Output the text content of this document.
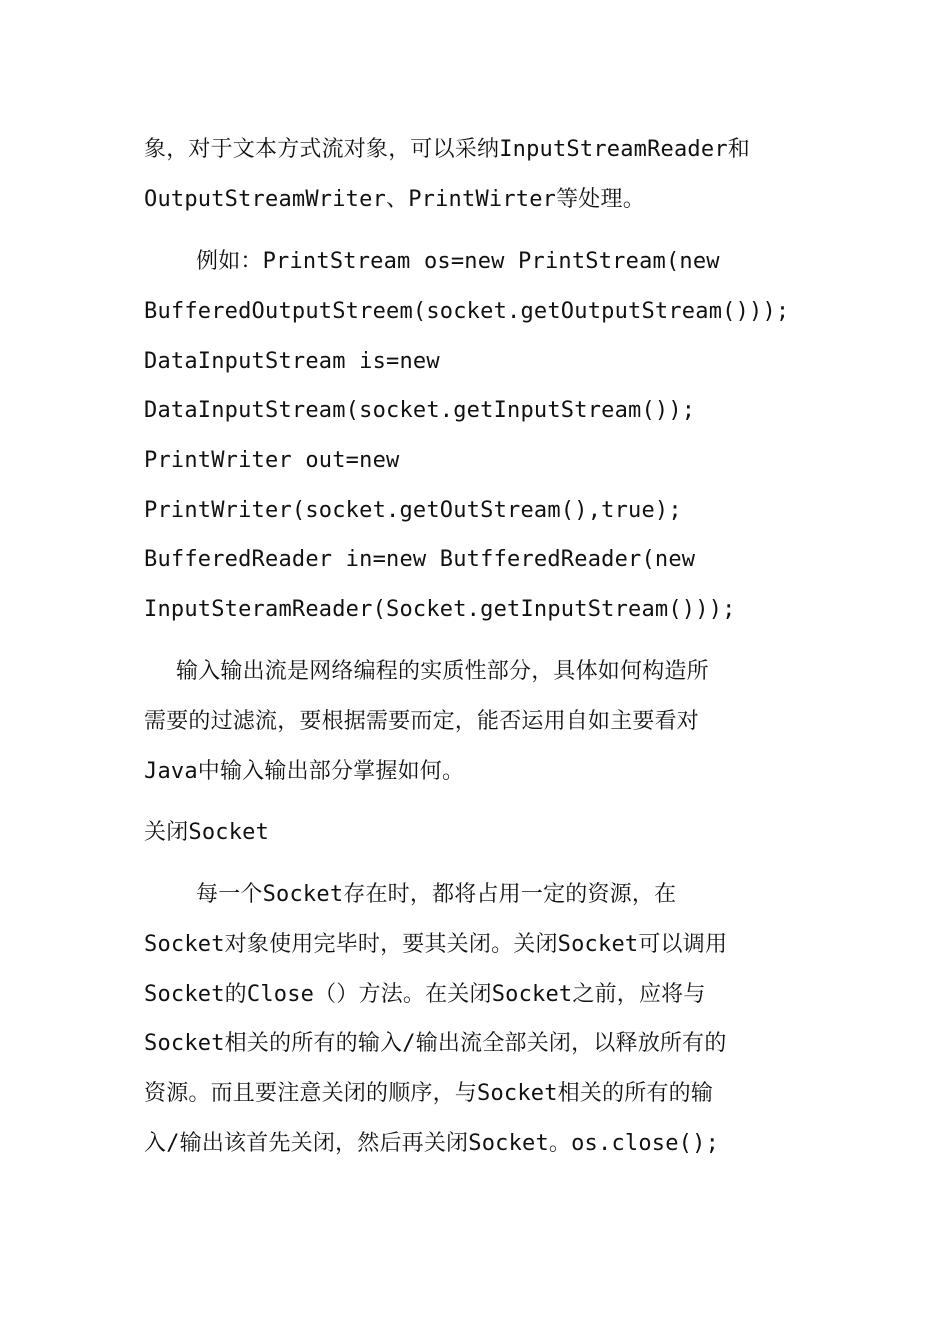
象，对于文本方式流对象，可以采纳InputStreamReader和
OutputStreamWriter、PrintWirter等处理。
例如：PrintStream os=new PrintStream(new
BufferedOutputStreem(socket.getOutputStream()));
DataInputStream is=new
DataInputStream(socket.getInputStream());
PrintWriter out=new
PrintWriter(socket.getOutStream(),true);
BufferedReader in=new ButfferedReader(new
InputSteramReader(Socket.getInputStream()));
输入输出流是网络编程的实质性部分，具体如何构造所
需要的过滤流，要根据需要而定，能否运用自如主要看对
Java中输入输出部分掌握如何。
关闭Socket
每一个Socket存在时，都将占用一定的资源，在
Socket对象使用完毕时，要其关闭。关闭Socket可以调用
Socket的Close（）方法。在关闭Socket之前，应将与
Socket相关的所有的输入/输出流全部关闭，以释放所有的
资源。而且要注意关闭的顺序，与Socket相关的所有的输
入/输出该首先关闭，然后再关闭Socket。os.close();
